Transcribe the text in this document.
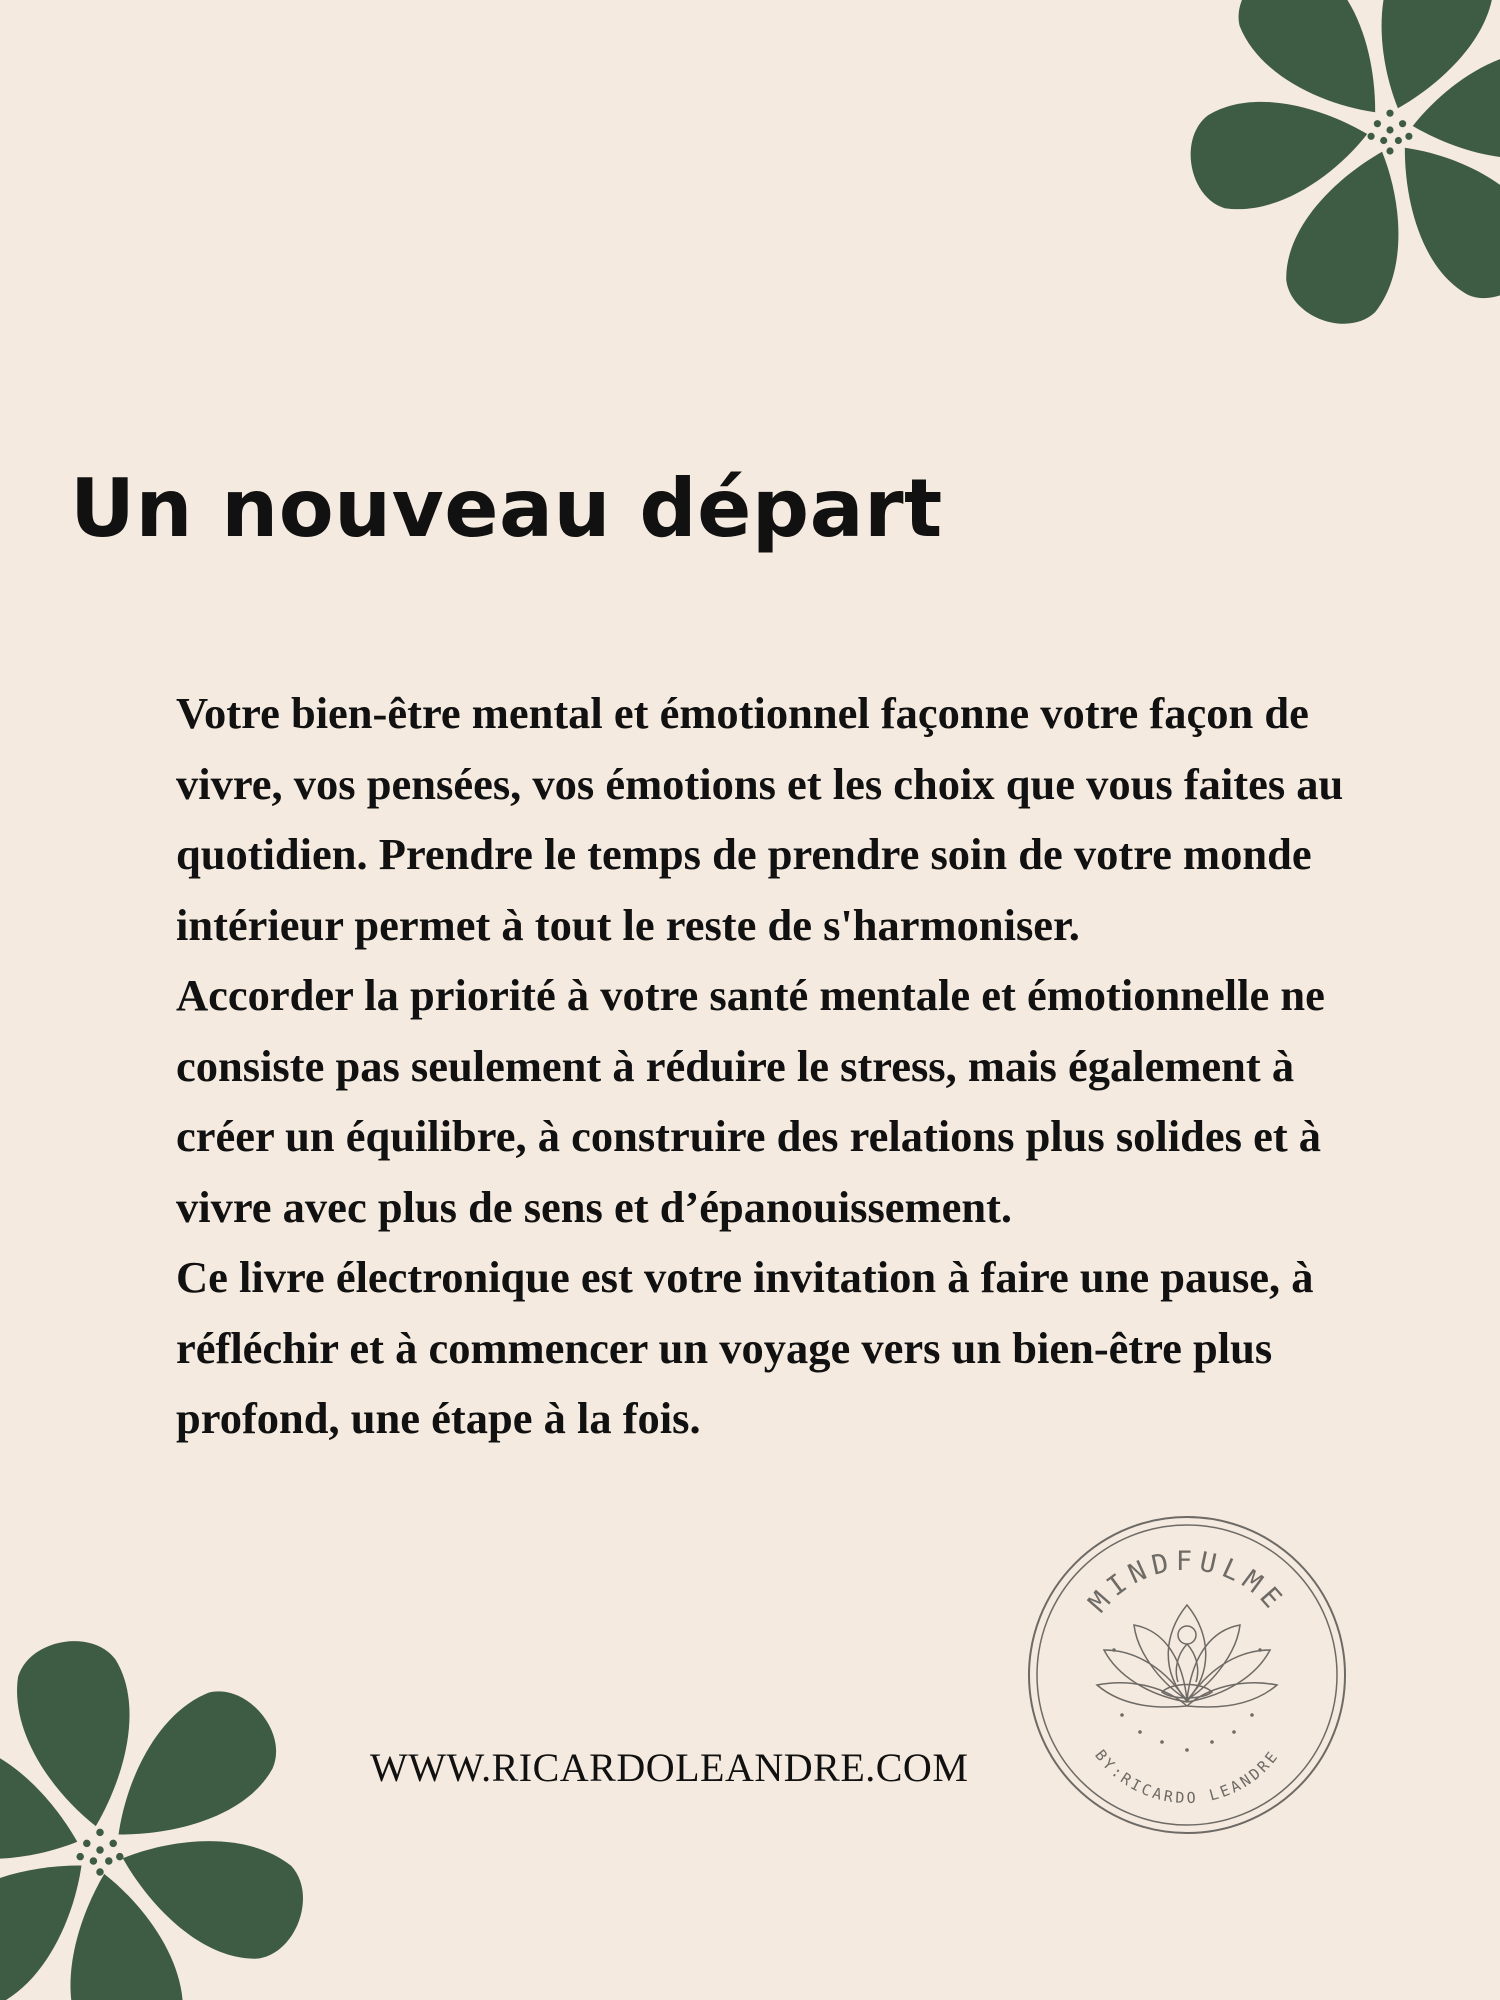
Un nouveau départ

Votre bien-être mental et émotionnel façonne votre façon de vivre, vos pensées, vos émotions et les choix que vous faites au quotidien. Prendre le temps de prendre soin de votre monde intérieur permet à tout le reste de s'harmoniser.

Accorder la priorité à votre santé mentale et émotionnelle ne consiste pas seulement à réduire le stress, mais également à créer un équilibre, à construire des relations plus solides et à vivre avec plus de sens et d’épanouissement.

Ce livre électronique est votre invitation à faire une pause, à réfléchir et à commencer un voyage vers un bien-être plus profond, une étape à la fois.

WWW.RICARDOLEANDRE.COM
MINDFULME
BY:RICARDO LEANDRE
